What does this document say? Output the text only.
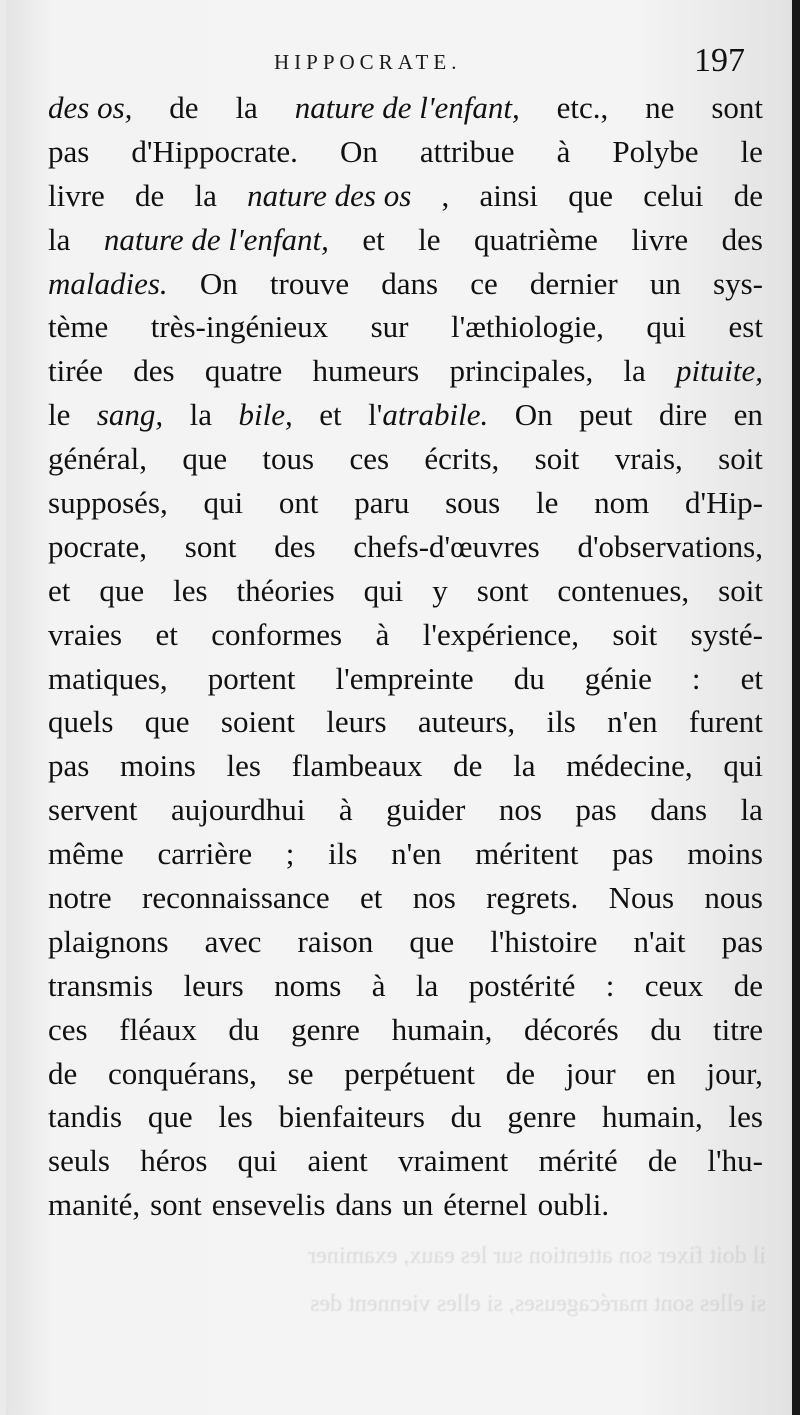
HIPPOCRATE.	197
des os, de la nature de l'enfant, etc., ne sont
pas d'Hippocrate. On attribue à Polybe le
livre de la nature des os , ainsi que celui de
la nature de l'enfant, et le quatrième livre des
maladies. On trouve dans ce dernier un sys-
tème très-ingénieux sur l'æthiologie, qui est
tirée des quatre humeurs principales, la pituite,
le sang, la bile, et l'atrabile. On peut dire en
général, que tous ces écrits, soit vrais, soit
supposés, qui ont paru sous le nom d'Hip-
pocrate, sont des chefs-d'œuvres d'observations,
et que les théories qui y sont contenues, soit
vraies et conformes à l'expérience, soit systé-
matiques, portent l'empreinte du génie : et
quels que soient leurs auteurs, ils n'en furent
pas moins les flambeaux de la médecine, qui
servent aujourdhui à guider nos pas dans la
même carrière ; ils n'en méritent pas moins
notre reconnaissance et nos regrets. Nous nous
plaignons avec raison que l'histoire n'ait pas
transmis leurs noms à la postérité : ceux de
ces fléaux du genre humain, décorés du titre
de conquérans, se perpétuent de jour en jour,
tandis que les bienfaiteurs du genre humain, les
seuls héros qui aient vraiment mérité de l'hu-
manité, sont ensevelis dans un éternel oubli.
il doit fixer son attention sur les eaux, examiner
si elles sont marécageuses, si elles viennent des
